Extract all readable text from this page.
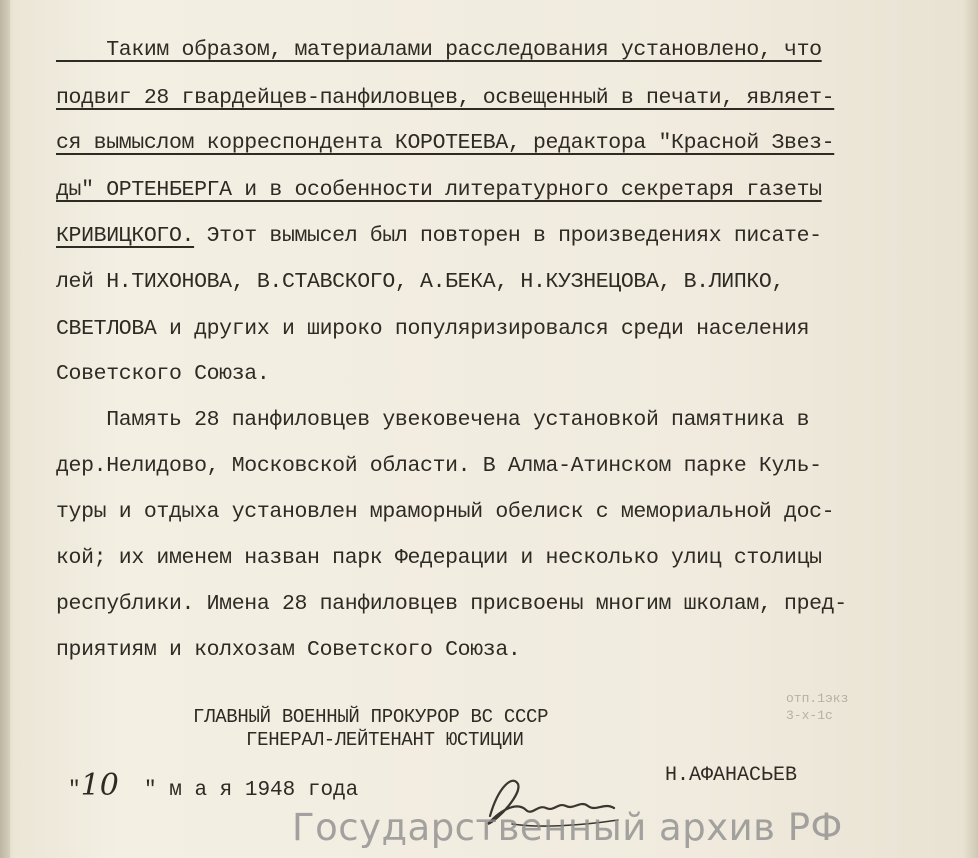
отп.1экз
3-х-1с
Таким образом, материалами расследования установлено, что
подвиг 28 гвардейцев-панфиловцев, освещенный в печати, являет-
ся вымыслом корреспондента КОРОТЕЕВА, редактора "Красной Звез-
ды" ОРТЕНБЕРГА и в особенности литературного секретаря газеты
КРИВИЦКОГО. Этот вымысел был повторен в произведениях писате-
лей Н.ТИХОНОВА, В.СТАВСКОГО, А.БЕКА, Н.КУЗНЕЦОВА, В.ЛИПКО,
СВЕТЛОВА и других и широко популяризировался среди населения
Советского Союза.
Память 28 панфиловцев увековечена установкой памятника в
дер.Нелидово, Московской области. В Алма-Атинском парке Куль-
туры и отдыха установлен мраморный обелиск с мемориальной дос-
кой; их именем назван парк Федерации и несколько улиц столицы
республики. Имена 28 панфиловцев присвоены многим школам, пред-
приятиям и колхозам Советского Союза.
ГЛАВНЫЙ ВОЕННЫЙ ПРОКУРОР ВС СССР
ГЕНЕРАЛ-ЛЕЙТЕНАНТ ЮСТИЦИИ
"10 " м а я 1948 года
Н.АФАНАСЬЕВ
Государственный архив РФ
